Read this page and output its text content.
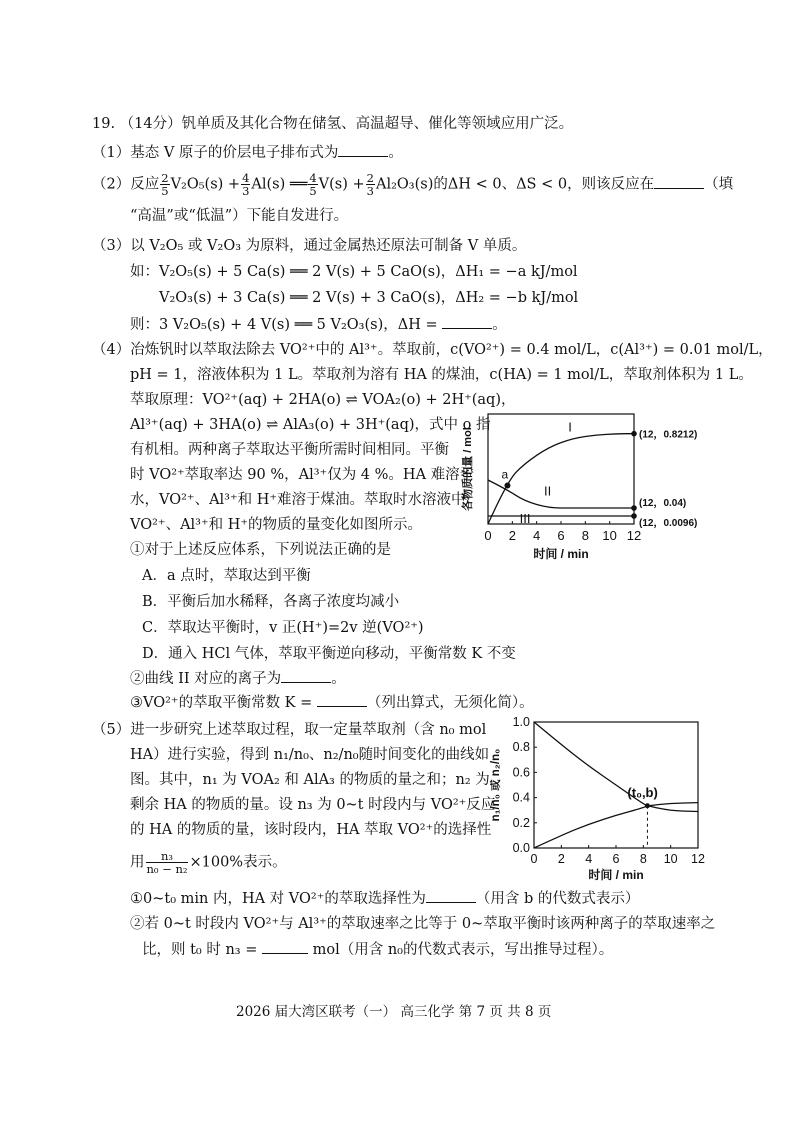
19. （14分）钒单质及其化合物在储氢、高温超导、催化等领域应用广泛。
（1）基态 V 原子的价层电子排布式为	。
（2）反应 $\frac{2}{5} V_2O_5(s) + \frac{4}{3} Al(s)$ ══ $\frac{4}{5} V(s) + \frac{2}{3} Al_2O_3(s)$的ΔH < 0、ΔS < 0，则该反应在	（填
“高温”或“低温”）下能自发进行。
（3）以 V₂O₅ 或 V₂O₃ 为原料，通过金属热还原法可制备 V 单质。
如：V₂O₅(s) + 5 Ca(s) ══ 2 V(s) + 5 CaO(s)，ΔH₁ = −a kJ/mol
V₂O₃(s) + 3 Ca(s) ══ 2 V(s) + 3 CaO(s)，ΔH₂ = −b kJ/mol
则：3 V₂O₅(s) + 4 V(s) ══ 5 V₂O₃(s)，ΔH =	。
（4）冶炼钒时以萃取法除去 VO²⁺中的 Al³⁺。萃取前，c(VO²⁺) = 0.4 mol/L，c(Al³⁺) = 0.01 mol/L，
pH = 1，溶液体积为 1 L。萃取剂为溶有 HA 的煤油，c(HA) = 1 mol/L，萃取剂体积为 1 L。
萃取原理：VO²⁺(aq) + 2HA(o) ⇌ VOA₂(o) + 2H⁺(aq)，
Al³⁺(aq) + 3HA(o) ⇌ AlA₃(o) + 3H⁺(aq)，式中 o 指
有机相。两种离子萃取达平衡所需时间相同。平衡
时 VO²⁺萃取率达 90 %，Al³⁺仅为 4 %。HA 难溶于
水，VO²⁺、Al³⁺和 H⁺难溶于煤油。萃取时水溶液中
VO²⁺、Al³⁺和 H⁺的物质的量变化如图所示。
①对于上述反应体系，下列说法正确的是
A．a 点时，萃取达到平衡
B．平衡后加水稀释，各离子浓度均减小
C．萃取达平衡时，v 正(H⁺)=2v 逆(VO²⁺)
D．通入 HCl 气体，萃取平衡逆向移动，平衡常数 K 不变
②曲线 II 对应的离子为	。
③VO²⁺的萃取平衡常数 K =	（列出算式，无须化简）。
（5）进一步研究上述萃取过程，取一定量萃取剂（含 n₀ mol
HA）进行实验，得到 n₁/n₀、n₂/n₀随时间变化的曲线如
图。其中，n₁ 为 VOA₂ 和 AlA₃ 的物质的量之和；n₂ 为
剩余 HA 的物质的量。设 n₃ 为 0~t 时段内与 VO²⁺反应
的 HA 的物质的量，该时段内，HA 萃取 VO²⁺的选择性
用 $\frac{\text{n₃}}{\text{n₀ − n₂}} \times 100\%$表示。
①0~t₀ min 内，HA 对 VO²⁺的萃取选择性为	（用含 b 的代数式表示）
②若 0~t 时段内 VO²⁺与 Al³⁺的萃取速率之比等于 0~萃取平衡时该两种离子的萃取速率之
比，则 t₀ 时 n₃ =	mol（用含 n₀的代数式表示，写出推导过程）。
2026 届大湾区联考（一） 高三化学 第 7 页 共 8 页
0 2 4 6 8 10 12
时间 / min
各物质的量 / mol
I
(12，0.8212)
II
(12，0.04)
III	(12，0.0096)
a
0 2 4 6 8 10 12
0.0
0.2
0.4
0.6
0.8
1.0
时间 / min
n₁/n₀ 或 n₂/n₀	(t₀,b)
